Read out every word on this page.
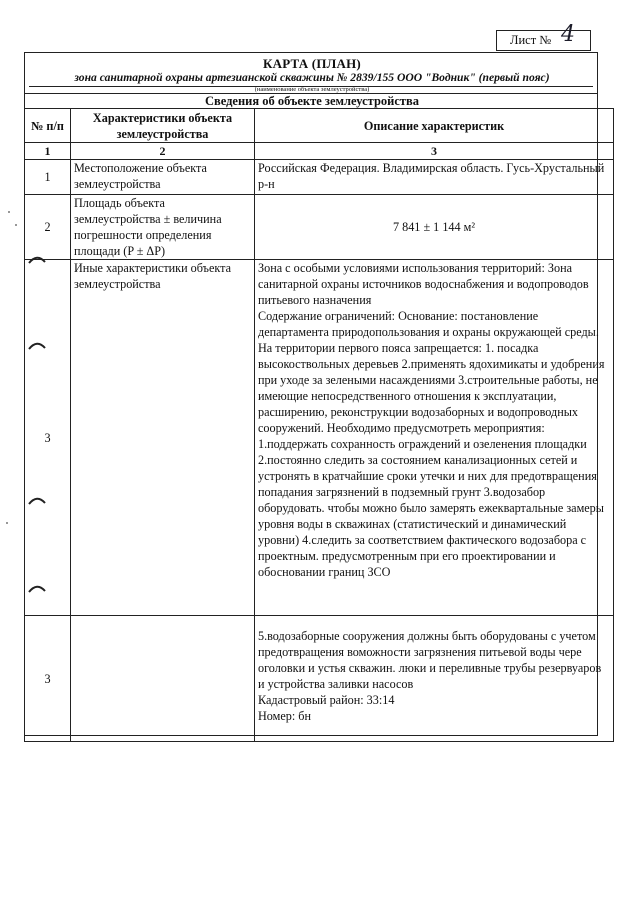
Лист № 4
КАРТА (ПЛАН)
зона санитарной охраны артезианской скважины № 2839/155 ООО "Водник" (первый пояс)
(наименование объекта землеустройства)
Сведения об объекте землеустройства
№ п/п	Характеристики объекта землеустройства	Описание характеристик
1	2	3
1	Местоположение объекта землеустройства	Российская Федерация. Владимирская область. Гусь-Хрустальный р-н
2	Площадь объекта землеустройства ± величина погрешности определения площади (P ± ΔP)	7 841 ± 1 144 м²
3	Иные характеристики объекта землеустройства	Зона с особыми условиями использования территорий: Зона санитарной охраны источников водоснабжения и водопроводов питьевого назначения
Содержание ограничений: Основание: постановление департамента природопользования и охраны окружающей среды.
На территории первого пояса запрещается: 1. посадка высокоствольных деревьев 2.применять ядохимикаты и удобрения при уходе за зелеными насаждениями 3.строительные работы, не имеющие непосредственного отношения к эксплуатации, расширению, реконструкции водозаборных и водопроводных сооружений. Необходимо предусмотреть мероприятия: 1.поддержать сохранность ограждений и озеленения площадки 2.постоянно следить за состоянием канализационных сетей и устронять в кратчайшие сроки утечки и них для предотвращения попадания загрязнений в подземный грунт 3.водозабор оборудовать. чтобы можно было замерять ежеквартальные замеры уровня воды в скважинах (статистический и динамический уровни) 4.следить за соответствием фактического водозабора с проектным. предусмотренным при его проектировании и обосновании границ ЗСО
3		5.водозаборные сооружения должны быть оборудованы с учетом предотвращения воможности загрязнения питьевой воды чере оголовки и устья скважин. люки и переливные трубы резервуаров и устройства заливки насосов
Кадастровый район: 33:14
Номер: бн
